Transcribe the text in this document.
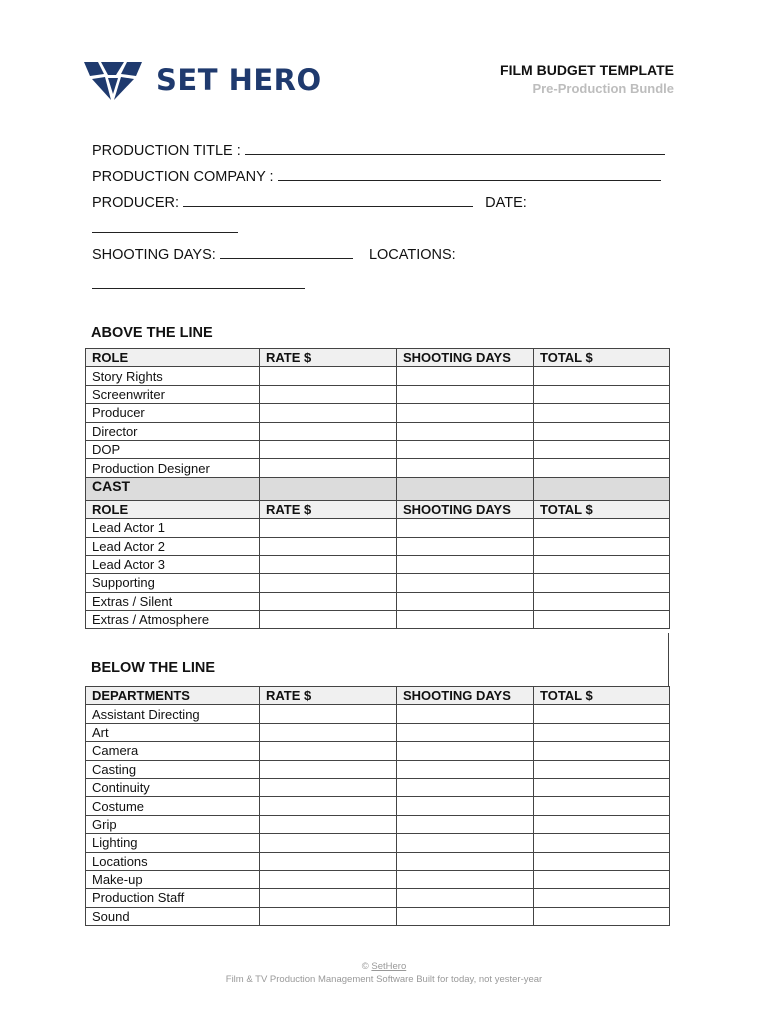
SET HERO	FILM BUDGET TEMPLATE
Pre-Production Bundle
PRODUCTION TITLE :
PRODUCTION COMPANY :
PRODUCER:	DATE:
SHOOTING DAYS:	LOCATIONS:
ABOVE THE LINE
ROLE	RATE $	SHOOTING DAYS	TOTAL $
Story Rights			
Screenwriter			
Producer			
Director			
DOP			
Production Designer			
CAST			
ROLE	RATE $	SHOOTING DAYS	TOTAL $
Lead Actor 1			
Lead Actor 2			
Lead Actor 3			
Supporting			
Extras / Silent			
Extras / Atmosphere			
BELOW THE LINE
DEPARTMENTS	RATE $	SHOOTING DAYS	TOTAL $
Assistant Directing			
Art			
Camera			
Casting			
Continuity			
Costume			
Grip			
Lighting			
Locations			
Make-up			
Production Staff			
Sound			
© SetHero
Film & TV Production Management Software Built for today, not yester-year
